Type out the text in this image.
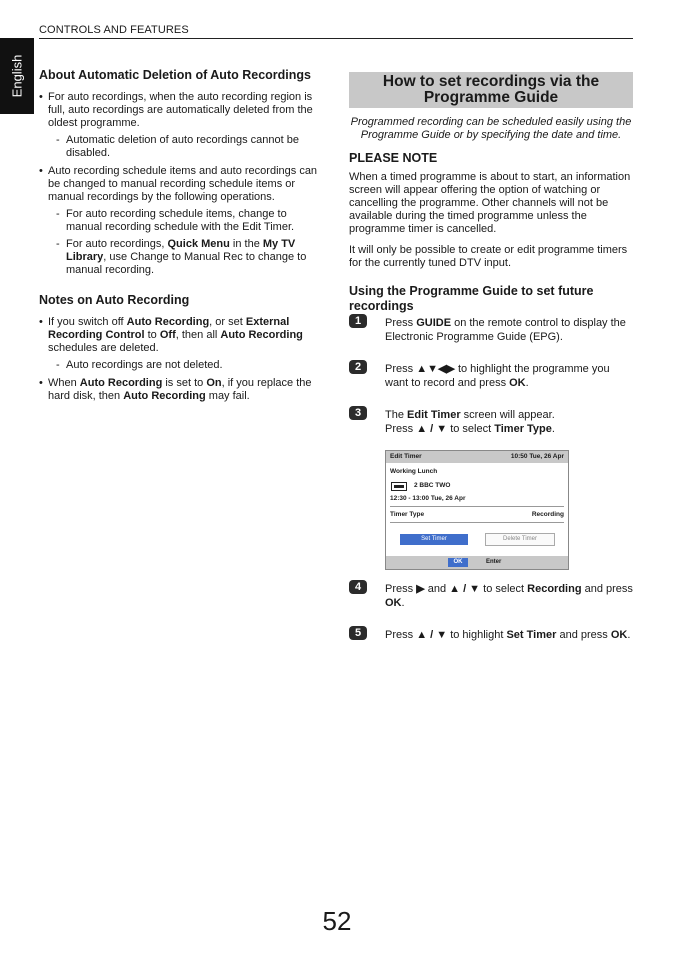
CONTROLS AND FEATURES
English About Automatic Deletion of Auto Recordings
• For auto recordings, when the auto recording region is full, auto recordings are automatically deleted from the oldest programme.
- Automatic deletion of auto recordings cannot be disabled.
• Auto recording schedule items and auto recordings can be changed to manual recording schedule items or manual recordings by the following operations.
- For auto recording schedule items, change to manual recording schedule with the Edit Timer.
- For auto recordings, Quick Menu in the My TV Library, use Change to Manual Rec to change to manual recording.
Notes on Auto Recording
• If you switch off Auto Recording, or set External Recording Control to Off, then all Auto Recording schedules are deleted.
- Auto recordings are not deleted.
• When Auto Recording is set to On, if you replace the hard disk, then Auto Recording may fail.
How to set recordings via the Programme Guide

Programmed recording can be scheduled easily using the Programme Guide or by specifying the date and time.

PLEASE NOTE

When a timed programme is about to start, an information screen will appear offering the option of watching or cancelling the programme. Other channels will not be available during the timed programme unless the programme timer is cancelled.

It will only be possible to create or edit programme timers for the currently tuned DTV input.

Using the Programme Guide to set future recordings
1	Press GUIDE on the remote control to display the Electronic Programme Guide (EPG).
2	Press ▲▼◀▶ to highlight the programme you want to record and press OK.
3	The Edit Timer screen will appear.
Press ▲ / ▼ to select Timer Type.
Edit Timer	10:50 Tue, 26 Apr
Working Lunch
2 BBC TWO
12:30 - 13:00 Tue, 26 Apr
Timer Type	Recording
Set Timer	Delete Timer
OK	Enter
4	Press ▶ and ▲ / ▼ to select Recording and press OK.
5	Press ▲ / ▼ to highlight Set Timer and press OK.
52
